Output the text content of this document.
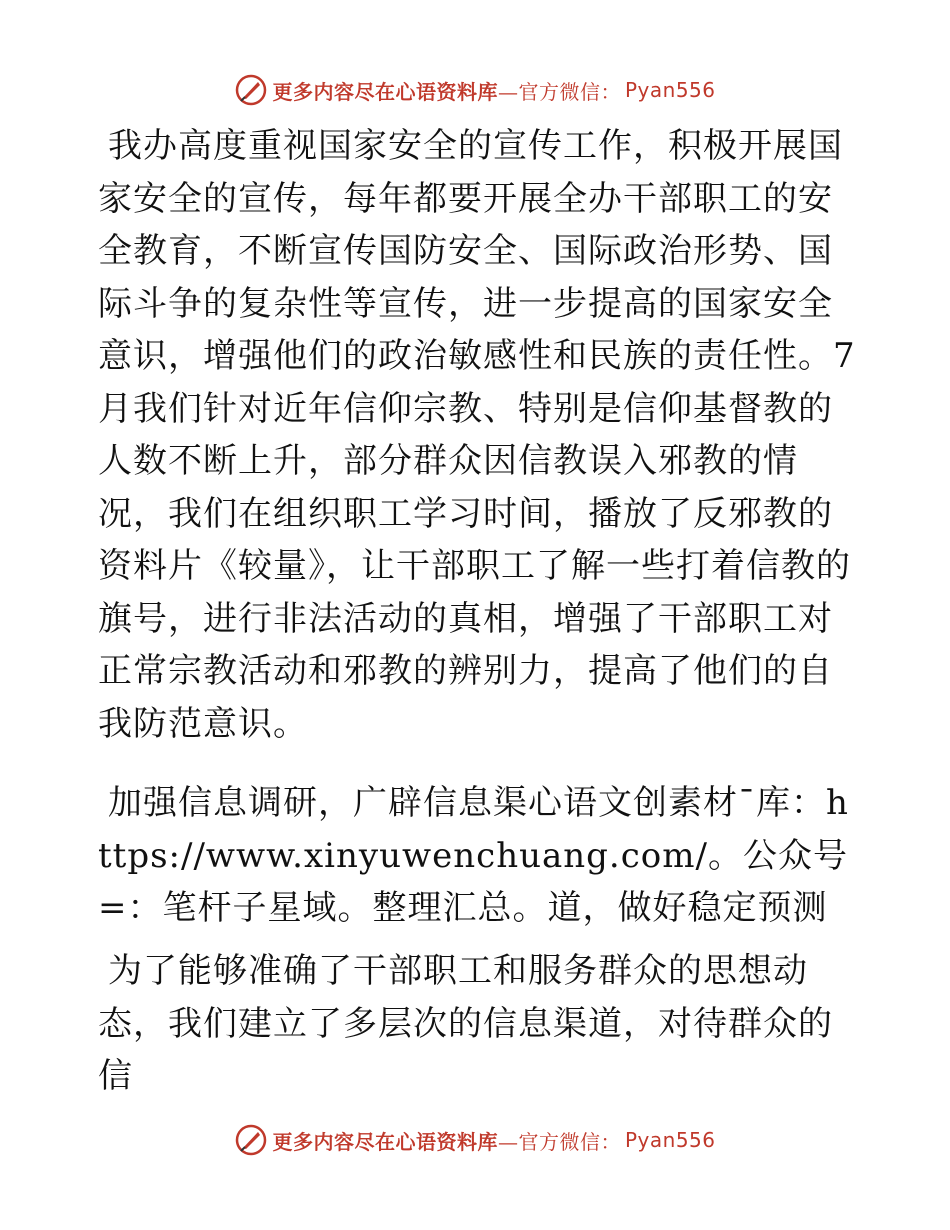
更多内容尽在心语资料库 —官方微信： Pyan556

我办高度重视国家安全的宣传工作，积极开展国家安全的宣传，每年都要开展全办干部职工的安全教育，不断宣传国防安全、国际政治形势、国际斗争的复杂性等宣传，进一步提高的国家安全意识，增强他们的政治敏感性和民族的责任性。7月我们针对近年信仰宗教、特别是信仰基督教的人数不断上升，部分群众因信教误入邪教的情况，我们在组织职工学习时间，播放了反邪教的资料片《较量》，让干部职工了解一些打着信教的旗号，进行非法活动的真相，增强了干部职工对正常宗教活动和邪教的辨别力，提高了他们的自我防范意识。

加强信息调研，广辟信息渠心语文创素材¯库：https://www.xinyuwenchuang.com/。公众号=：笔杆子星域。整理汇总。道，做好稳定预测

为了能够准确了干部职工和服务群众的思想动态，我们建立了多层次的信息渠道，对待群众的信

更多内容尽在心语资料库 —官方微信： Pyan556
